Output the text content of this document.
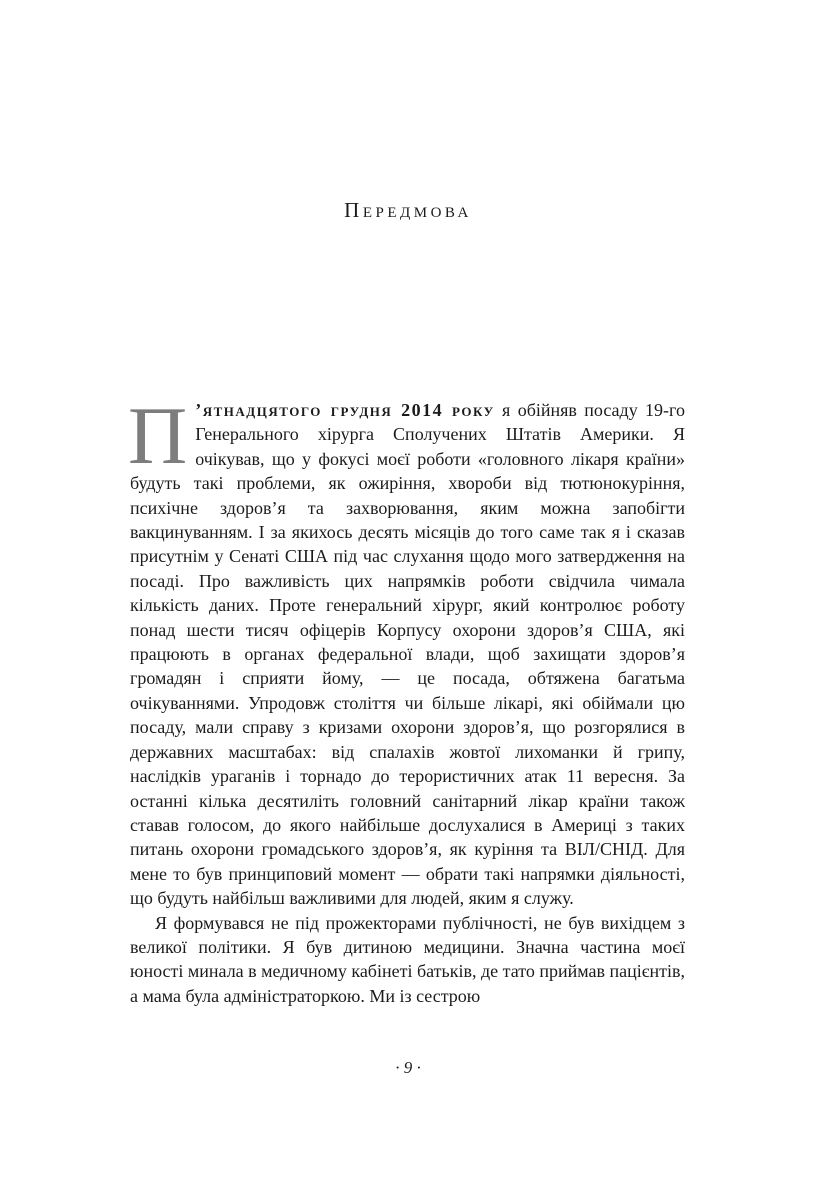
Передмова

П ’ятнадцятого грудня 2014 року я обійняв посаду 19-го Генерального хірурга Сполучених Штатів Америки. Я очікував, що у фокусі моєї роботи «головного лікаря країни» будуть такі проблеми, як ожиріння, хвороби від тютюнокуріння, психічне здоров’я та захворювання, яким можна запобігти вакцинуванням. І за якихось десять місяців до того саме так я і сказав присутнім у Сенаті США під час слухання щодо мого затвердження на посаді. Про важливість цих напрямків роботи свідчила чимала кількість даних. Проте генеральний хірург, який контролює роботу понад шести тисяч офіцерів Корпусу охорони здоров’я США, які працюють в органах федеральної влади, щоб захищати здоров’я громадян і сприяти йому, — це посада, обтяжена багатьма очікуваннями. Упродовж століття чи більше лікарі, які обіймали цю посаду, мали справу з кризами охорони здоров’я, що розгорялися в державних масштабах: від спалахів жовтої лихоманки й грипу, наслідків ураганів і торнадо до терористичних атак 11 вересня. За останні кілька десятиліть головний санітарний лікар країни також ставав голосом, до якого найбільше дослухалися в Америці з таких питань охорони громадського здоров’я, як куріння та ВІЛ/СНІД. Для мене то був принциповий момент — обрати такі напрямки діяльності, що будуть найбільш важливими для людей, яким я служу.

Я формувався не під прожекторами публічності, не був вихідцем з великої політики. Я був дитиною медицини. Значна частина моєї юності минала в медичному кабінеті батьків, де тато приймав пацієнтів, а мама була адміністраторкою. Ми із сестрою

· 9 ·
